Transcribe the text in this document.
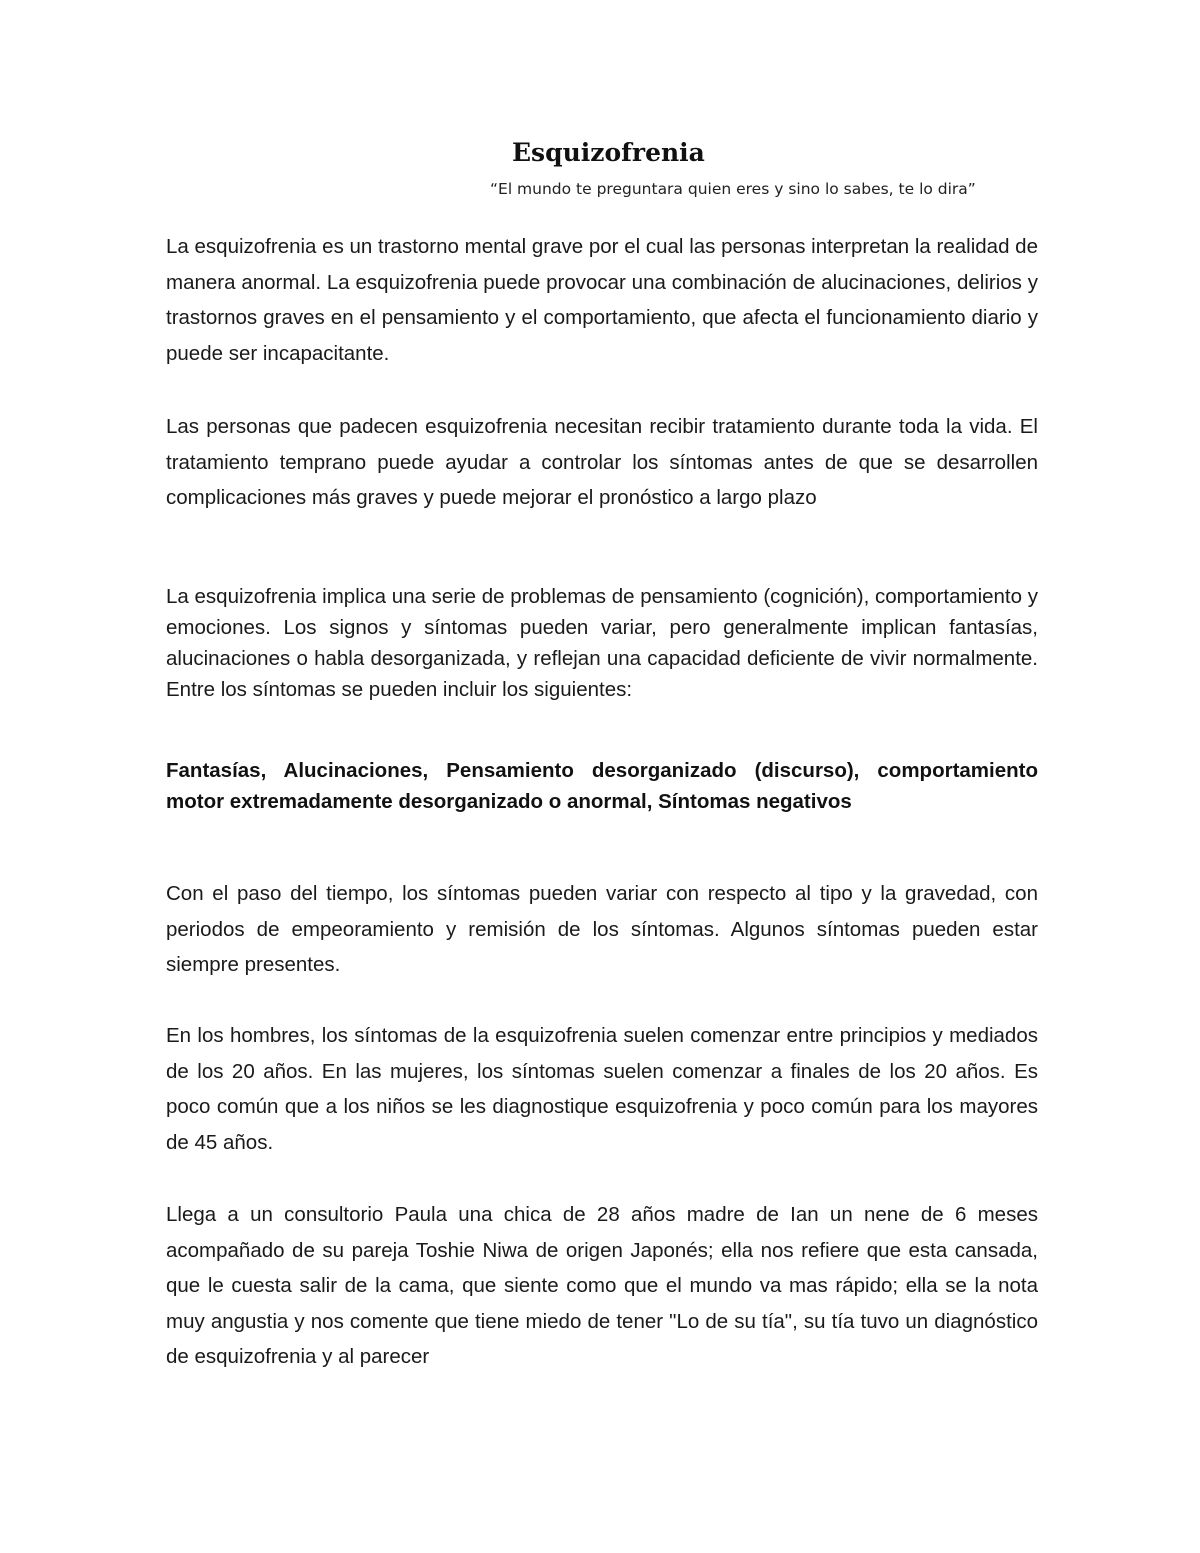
Esquizofrenia

“El mundo te preguntara quien eres y sino lo sabes, te lo dira”

La esquizofrenia es un trastorno mental grave por el cual las personas interpretan la realidad de manera anormal. La esquizofrenia puede provocar una combinación de alucinaciones, delirios y trastornos graves en el pensamiento y el comportamiento, que afecta el funcionamiento diario y puede ser incapacitante.

Las personas que padecen esquizofrenia necesitan recibir tratamiento durante toda la vida. El tratamiento temprano puede ayudar a controlar los síntomas antes de que se desarrollen complicaciones más graves y puede mejorar el pronóstico a largo plazo

La esquizofrenia implica una serie de problemas de pensamiento (cognición), comportamiento y emociones. Los signos y síntomas pueden variar, pero generalmente implican fantasías, alucinaciones o habla desorganizada, y reflejan una capacidad deficiente de vivir normalmente. Entre los síntomas se pueden incluir los siguientes:

Fantasías, Alucinaciones, Pensamiento desorganizado (discurso), comportamiento motor extremadamente desorganizado o anormal, Síntomas negativos

Con el paso del tiempo, los síntomas pueden variar con respecto al tipo y la gravedad, con periodos de empeoramiento y remisión de los síntomas. Algunos síntomas pueden estar siempre presentes.

En los hombres, los síntomas de la esquizofrenia suelen comenzar entre principios y mediados de los 20 años. En las mujeres, los síntomas suelen comenzar a finales de los 20 años. Es poco común que a los niños se les diagnostique esquizofrenia y poco común para los mayores de 45 años.

Llega a un consultorio Paula una chica de 28 años madre de Ian un nene de 6 meses acompañado de su pareja Toshie Niwa de origen Japonés; ella nos refiere que esta cansada, que le cuesta salir de la cama, que siente como que el mundo va mas rápido; ella se la nota muy angustia y nos comente que tiene miedo de tener "Lo de su tía", su tía tuvo un diagnóstico de esquizofrenia y al parecer
